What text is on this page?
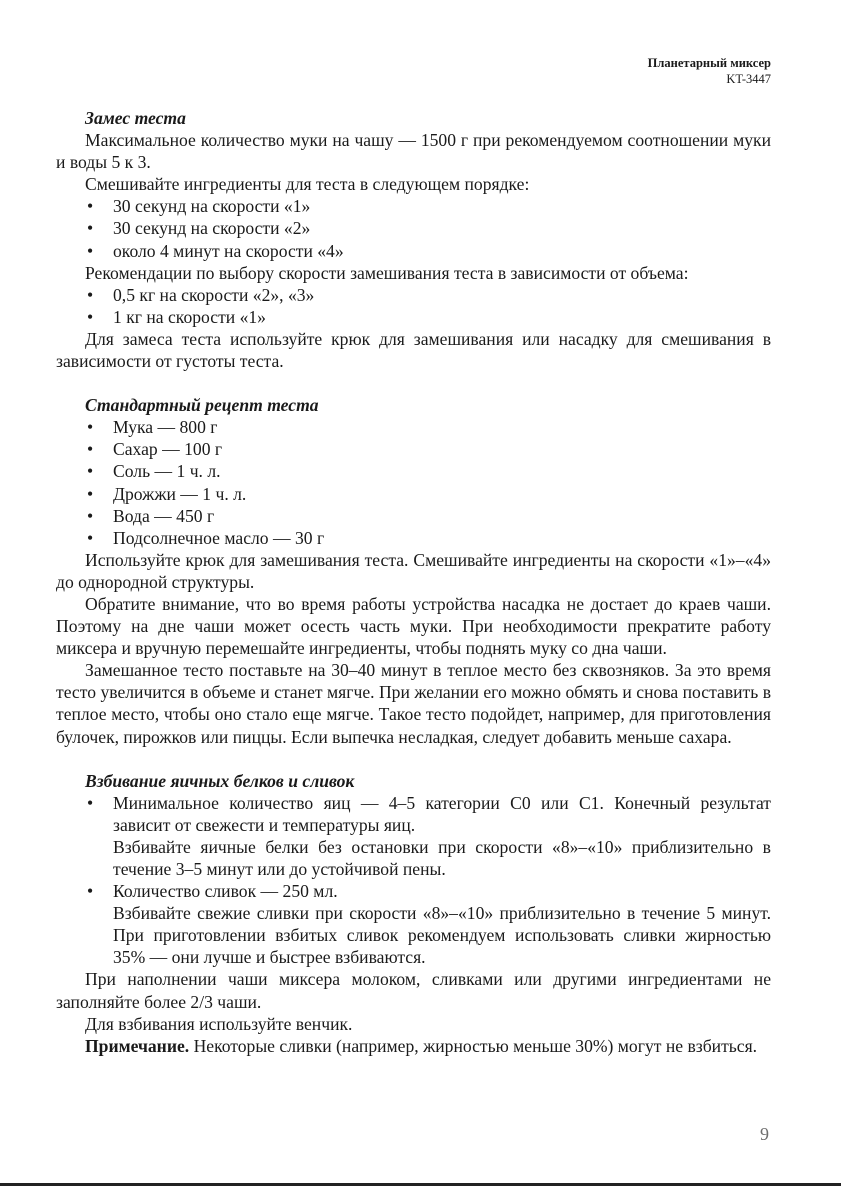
Планетарный миксер
KT-3447
Замес теста

Максимальное количество муки на чашу — 1500 г при рекомендуемом соотношении муки и воды 5 к 3.

Смешивайте ингредиенты для теста в следующем порядке:

• 30 секунд на скорости «1»
• 30 секунд на скорости «2»
• около 4 минут на скорости «4»

Рекомендации по выбору скорости замешивания теста в зависимости от объема:

• 0,5 кг на скорости «2», «3»
• 1 кг на скорости «1»

Для замеса теста используйте крюк для замешивания или насадку для смешивания в зависимости от густоты теста.

Стандартный рецепт теста
• Мука — 800 г
• Сахар — 100 г
• Соль — 1 ч. л.
• Дрожжи — 1 ч. л.
• Вода — 450 г
• Подсолнечное масло — 30 г

Используйте крюк для замешивания теста. Смешивайте ингредиенты на скорости «1»–«4» до однородной структуры.

Обратите внимание, что во время работы устройства насадка не достает до краев чаши. Поэтому на дне чаши может осесть часть муки. При необходимости прекратите работу миксера и вручную перемешайте ингредиенты, чтобы поднять муку со дна чаши.

Замешанное тесто поставьте на 30–40 минут в теплое место без сквозняков. За это время тесто увеличится в объеме и станет мягче. При желании его можно обмять и снова поставить в теплое место, чтобы оно стало еще мягче. Такое тесто подойдет, например, для приготовления булочек, пирожков или пиццы. Если выпечка несладкая, следует добавить меньше сахара.

Взбивание яичных белков и сливок
• Минимальное количество яиц — 4–5 категории С0 или С1. Конечный результат зависит от свежести и температуры яиц.

Взбивайте яичные белки без остановки при скорости «8»–«10» приблизительно в течение 3–5 минут или до устойчивой пены.

• Количество сливок — 250 мл.

Взбивайте свежие сливки при скорости «8»–«10» приблизительно в течение 5 минут. При приготовлении взбитых сливок рекомендуем использовать сливки жирностью 35% — они лучше и быстрее взбиваются.

При наполнении чаши миксера молоком, сливками или другими ингредиентами не заполняйте более 2/3 чаши.

Для взбивания используйте венчик.

Примечание. Некоторые сливки (например, жирностью меньше 30%) могут не взбиться.

9
